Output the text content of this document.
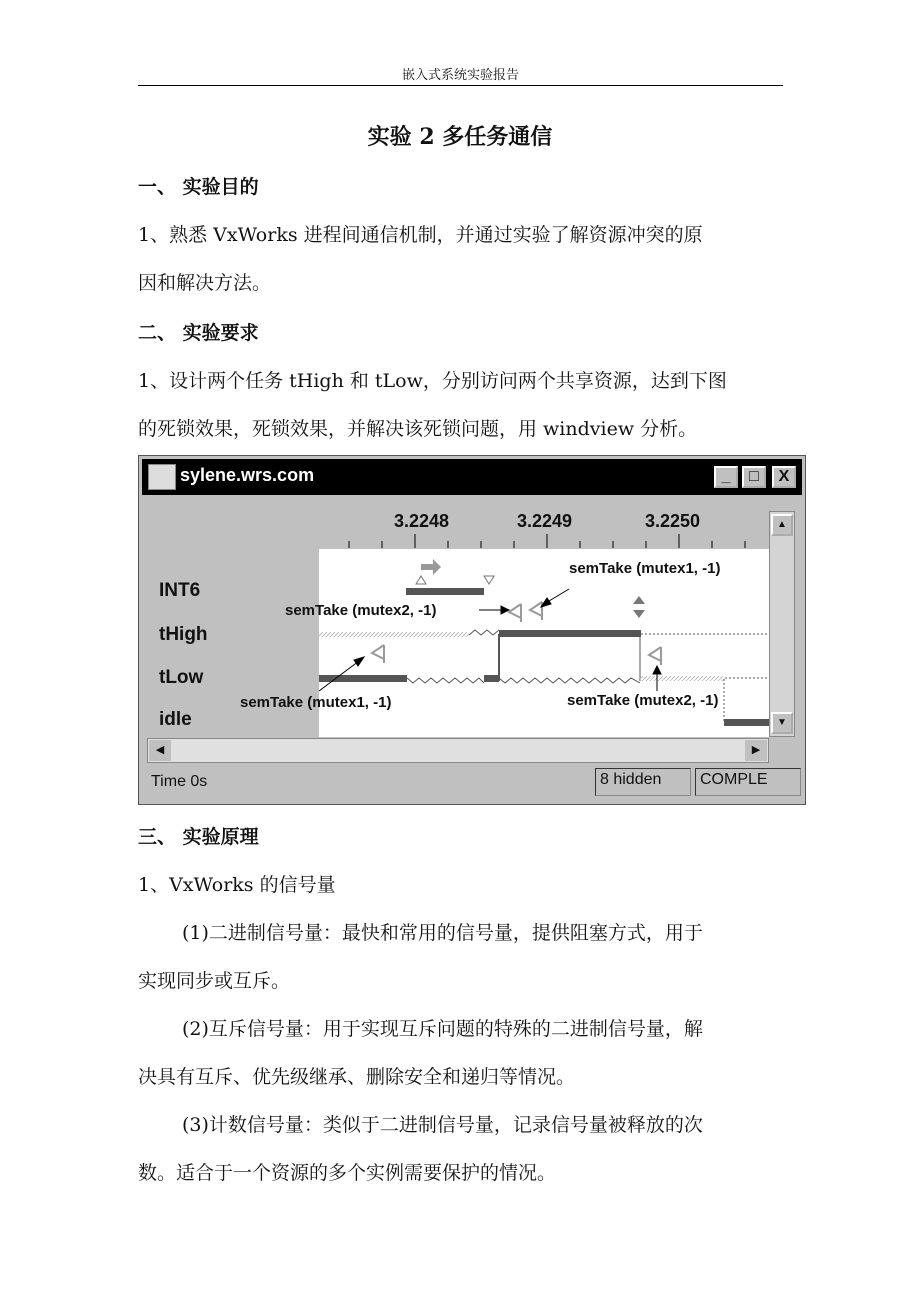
嵌入式系统实验报告
实验 2 多任务通信
一、 实验目的
1、熟悉 VxWorks 进程间通信机制，并通过实验了解资源冲突的原
因和解决方法。
二、 实验要求
1、设计两个任务 tHigh 和 tLow，分别访问两个共享资源，达到下图
的死锁效果，死锁效果，并解决该死锁问题，用 windview 分析。
sylene.wrs.com	_	□	X
3.2248	3.2249	3.2250
INT6
tHigh
tLow
idle
semTake (mutex1, -1)
semTake (mutex2, -1)
semTake (mutex1, -1)	semTake (mutex2, -1)
▲
▼
◀	▶
Time 0s	8 hidden	COMPLE
三、 实验原理
1、VxWorks 的信号量
(1)二进制信号量：最快和常用的信号量，提供阻塞方式，用于
实现同步或互斥。
(2)互斥信号量：用于实现互斥问题的特殊的二进制信号量，解
决具有互斥、优先级继承、删除安全和递归等情况。
(3)计数信号量：类似于二进制信号量，记录信号量被释放的次
数。适合于一个资源的多个实例需要保护的情况。
